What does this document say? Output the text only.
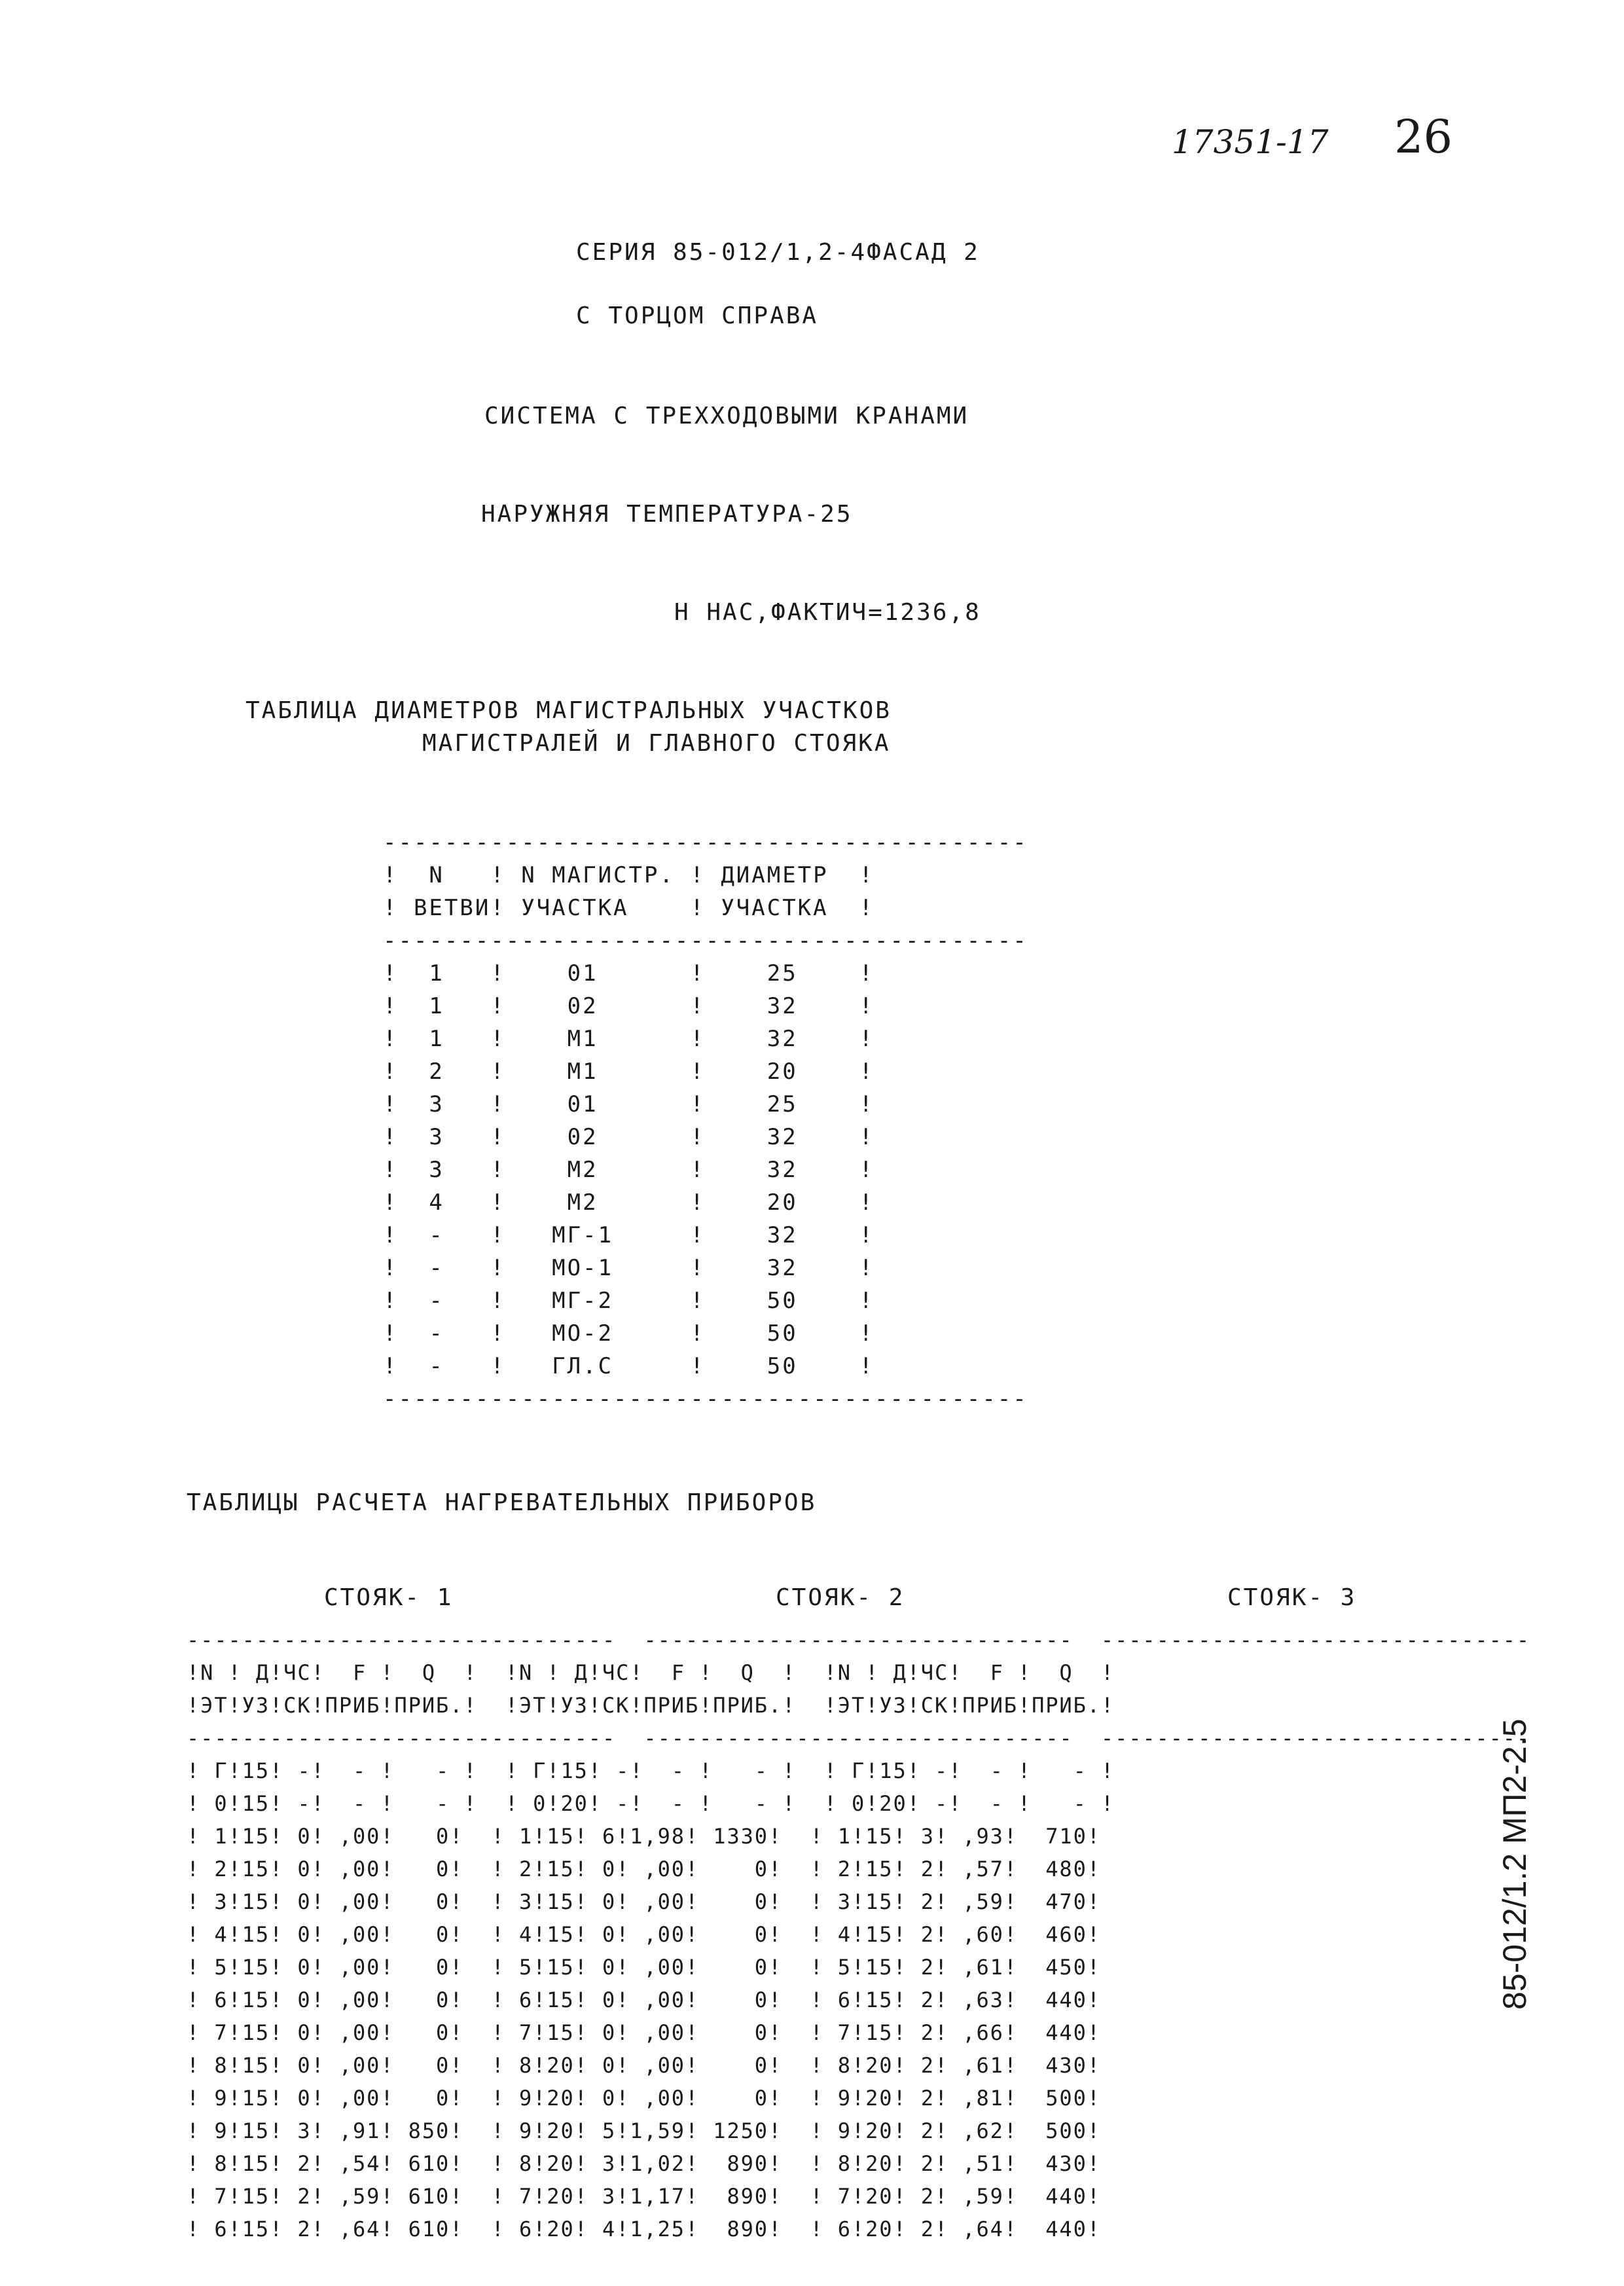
17351-17 26
СЕРИЯ 85-012/1,2-4ФАСАД 2
С ТОРЦОМ СПРАВА
СИСТЕМА С ТРЕХХОДОВЫМИ КРАНАМИ
НАРУЖНЯЯ ТЕМПЕРАТУРА-25
Н НАС,ФАКТИЧ=1236,8
ТАБЛИЦА ДИАМЕТРОВ МАГИСТРАЛЬНЫХ УЧАСТКОВ
МАГИСТРАЛЕЙ И ГЛАВНОГО СТОЯКА
------------------------------------------
!  N   ! N МАГИСТР. ! ДИАМЕТР  !
! ВЕТВИ! УЧАСТКА    ! УЧАСТКА  !
------------------------------------------
!  1   !    01      !    25    !
!  1   !    02      !    32    !
!  1   !    М1      !    32    !
!  2   !    М1      !    20    !
!  3   !    01      !    25    !
!  3   !    02      !    32    !
!  3   !    М2      !    32    !
!  4   !    М2      !    20    !
!  -   !   МГ-1     !    32    !
!  -   !   МО-1     !    32    !
!  -   !   МГ-2     !    50    !
!  -   !   МО-2     !    50    !
!  -   !   ГЛ.С     !    50    !
------------------------------------------
ТАБЛИЦЫ РАСЧЕТА НАГРЕВАТЕЛЬНЫХ ПРИБОРОВ
СТОЯК- 1	СТОЯК- 2	СТОЯК- 3
-------------------------------  -------------------------------  -------------------------------
!N ! Д!ЧС!  F !  Q  !  !N ! Д!ЧС!  F !  Q  !  !N ! Д!ЧС!  F !  Q  !
!ЭТ!УЗ!СК!ПРИБ!ПРИБ.!  !ЭТ!УЗ!СК!ПРИБ!ПРИБ.!  !ЭТ!УЗ!СК!ПРИБ!ПРИБ.!
-------------------------------  -------------------------------  -------------------------------
! Г!15! -!  - !   - !  ! Г!15! -!  - !   - !  ! Г!15! -!  - !   - !
! 0!15! -!  - !   - !  ! 0!20! -!  - !   - !  ! 0!20! -!  - !   - !
! 1!15! 0! ,00!   0!  ! 1!15! 6!1,98! 1330!  ! 1!15! 3! ,93!  710!
! 2!15! 0! ,00!   0!  ! 2!15! 0! ,00!    0!  ! 2!15! 2! ,57!  480!
! 3!15! 0! ,00!   0!  ! 3!15! 0! ,00!    0!  ! 3!15! 2! ,59!  470!
! 4!15! 0! ,00!   0!  ! 4!15! 0! ,00!    0!  ! 4!15! 2! ,60!  460!
! 5!15! 0! ,00!   0!  ! 5!15! 0! ,00!    0!  ! 5!15! 2! ,61!  450!
! 6!15! 0! ,00!   0!  ! 6!15! 0! ,00!    0!  ! 6!15! 2! ,63!  440!
! 7!15! 0! ,00!   0!  ! 7!15! 0! ,00!    0!  ! 7!15! 2! ,66!  440!
! 8!15! 0! ,00!   0!  ! 8!20! 0! ,00!    0!  ! 8!20! 2! ,61!  430!
! 9!15! 0! ,00!   0!  ! 9!20! 0! ,00!    0!  ! 9!20! 2! ,81!  500!
! 9!15! 3! ,91! 850!  ! 9!20! 5!1,59! 1250!  ! 9!20! 2! ,62!  500!
! 8!15! 2! ,54! 610!  ! 8!20! 3!1,02!  890!  ! 8!20! 2! ,51!  430!
! 7!15! 2! ,59! 610!  ! 7!20! 3!1,17!  890!  ! 7!20! 2! ,59!  440!
! 6!15! 2! ,64! 610!  ! 6!20! 4!1,25!  890!  ! 6!20! 2! ,64!  440!
85-012/1.2 МП2-2.5
